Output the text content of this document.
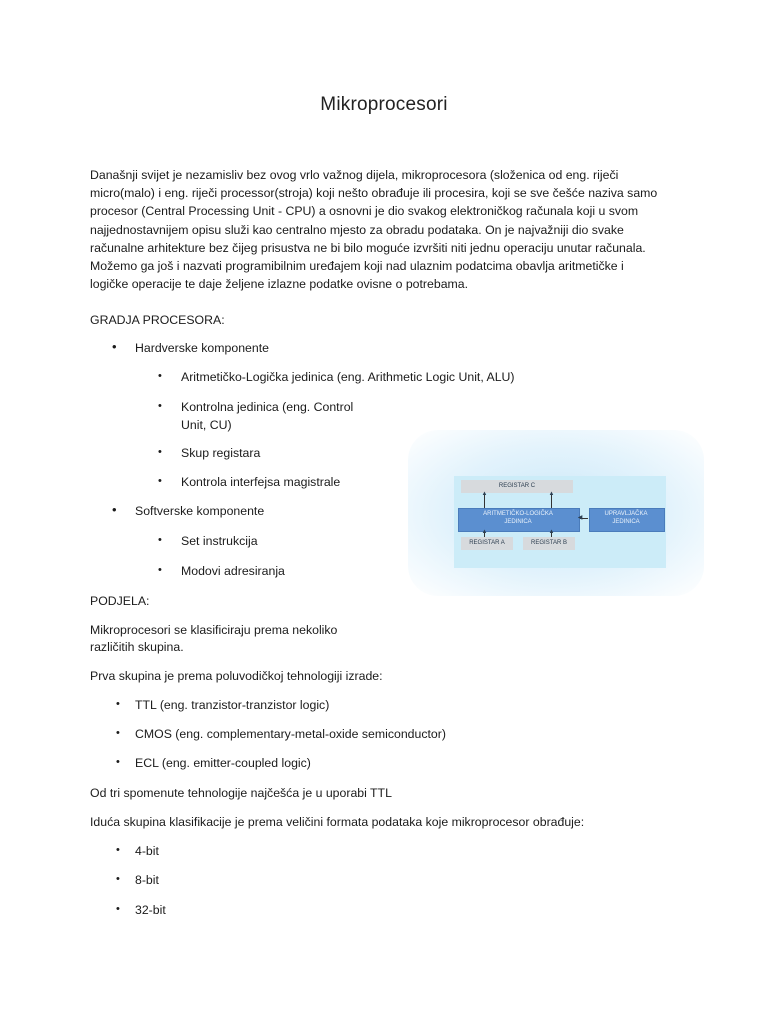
Mikroprocesori
Današnji svijet je nezamisliv bez ovog vrlo važnog dijela, mikroprocesora (složenica od eng. riječi
micro(malo) i eng. riječi processor(stroja) koji nešto obrađuje ili procesira, koji se sve češće naziva samo
procesor (Central Processing Unit - CPU) a osnovni je dio svakog elektroničkog računala koji u svom
najjednostavnijem opisu služi kao centralno mjesto za obradu podataka. On je najvažniji dio svake
računalne arhitekture bez čijeg prisustva ne bi bilo moguće izvršiti niti jednu operaciju unutar računala.
Možemo ga još i nazvati programibilnim uređajem koji nad ulaznim podatcima obavlja aritmetičke i
logičke operacije te daje željene izlazne podatke ovisne o potrebama.
GRADJA PROCESORA:
• Hardverske komponente
• Aritmetičko-Logička jedinica (eng. Arithmetic Logic Unit, ALU)
• Kontrolna jedinica (eng. Control
Unit, CU)
• Skup registara
• Kontrola interfejsa magistrale
• Softverske komponente
• Set instrukcija
• Modovi adresiranja
REGISTAR C
▲	▲
ARITMETIČKO-LOGIČKA
JEDINICA
◀
UPRAVLJAČKA
JEDINICA
▲	▲
REGISTAR A	REGISTAR B
PODJELA:
Mikroprocesori se klasificiraju prema nekoliko
različitih skupina.
Prva skupina je prema poluvodičkoj tehnologiji izrade:
• TTL (eng. tranzistor-tranzistor logic)
• CMOS (eng. complementary-metal-oxide semiconductor)
• ECL (eng. emitter-coupled logic)
Od tri spomenute tehnologije najčešća je u uporabi TTL
Iduća skupina klasifikacije je prema veličini formata podataka koje mikroprocesor obrađuje:
• 4-bit
• 8-bit
• 32-bit
